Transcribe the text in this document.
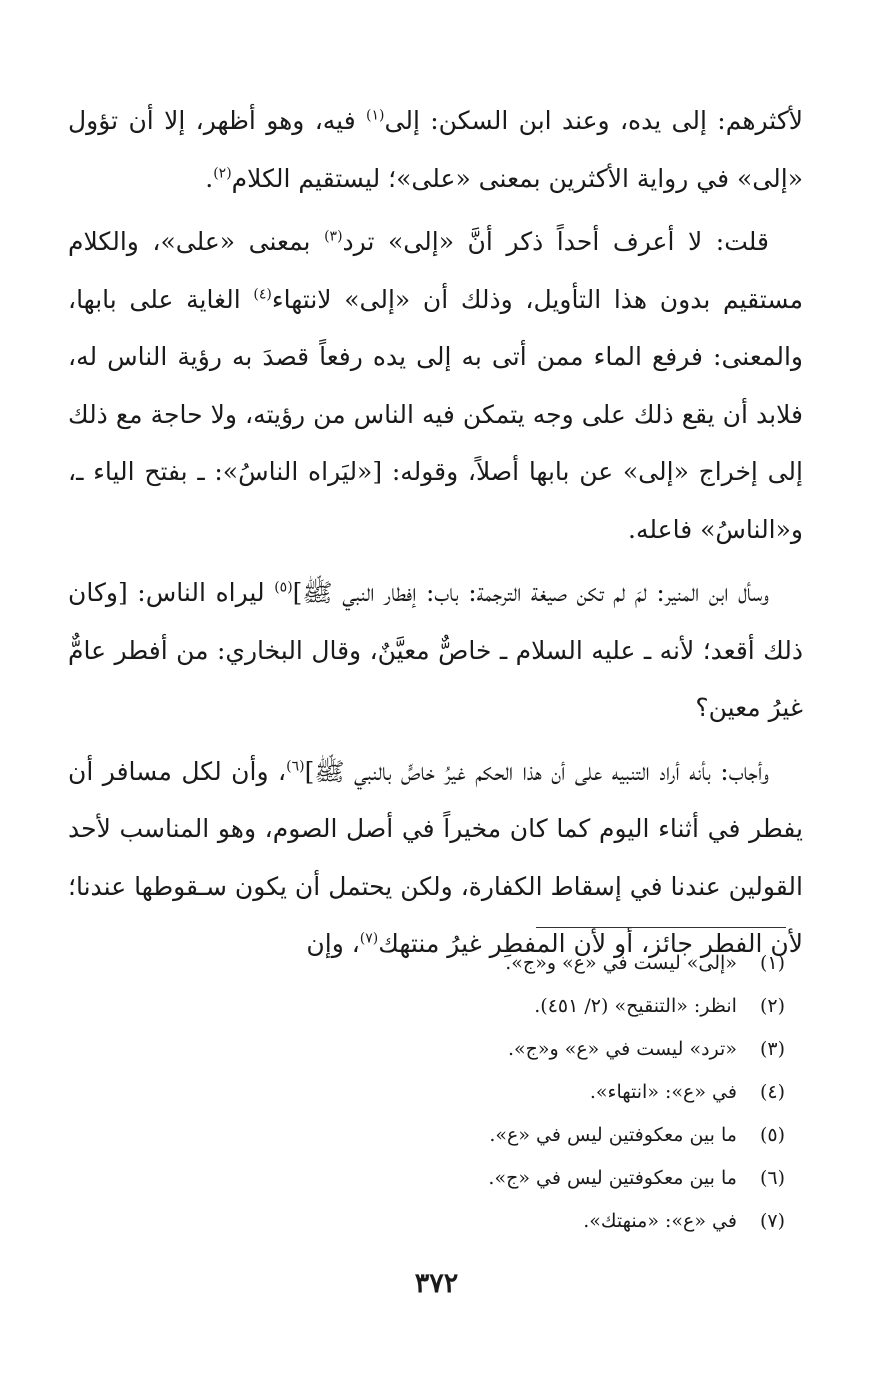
لأكثرهم: إلى يده، وعند ابن السكن: إلى$^{(١)}$ فيه، وهو أظهر، إلا أن تؤول «إلى» في رواية الأكثرين بمعنى «على»؛ ليستقيم الكلام$^{(٢)}$.

قلت: لا أعرف أحداً ذكر أنَّ «إلى» ترد$^{(٣)}$ بمعنى «على»، والكلام مستقيم بدون هذا التأويل، وذلك أن «إلى» لانتهاء$^{(٤)}$ الغاية على بابها، والمعنى: فرفع الماء ممن أتى به إلى يده رفعاً قصدَ به رؤية الناس له، فلابد أن يقع ذلك على وجه يتمكن فيه الناس من رؤيته، ولا حاجة مع ذلك إلى إخراج «إلى» عن بابها أصلاً، وقوله: [«ليَراه الناسُ»: ـ بفتح الياء ـ، و«الناسُ» فاعله.

وسأل ابن المنير: لمَ لم تكن صيغة الترجمة: باب: إفطار النبي ﷺ]$^{(٥)}$ ليراه الناس: [وكان ذلك أقعد؛ لأنه ـ عليه السلام ـ خاصٌّ معيَّنٌ، وقال البخاري: من أفطر عامٌّ غيرُ معين؟

وأجاب: بأنه أراد التنبيه على أن هذا الحكم غيرُ خاصٍّ بالنبي ﷺ]$^{(٦)}$، وأن لكل مسافر أن يفطر في أثناء اليوم كما كان مخيراً في أصل الصوم، وهو المناسب لأحد القولين عندنا في إسقاط الكفارة، ولكن يحتمل أن يكون سـقوطها عندنا؛ لأن الفطر جائز، أو لأن المفطِر غيرُ منتهك$^{(٧)}$، وإن

(١) «إلى» ليست في «ع» و«ج».
(٢) انظر: «التنقيح» (٢/ ٤٥١).
(٣) «ترد» ليست في «ع» و«ج».
(٤) في «ع»: «انتهاء».
(٥) ما بين معكوفتين ليس في «ع».
(٦) ما بين معكوفتين ليس في «ج».
(٧) في «ع»: «منهتك».
٣٧٢
